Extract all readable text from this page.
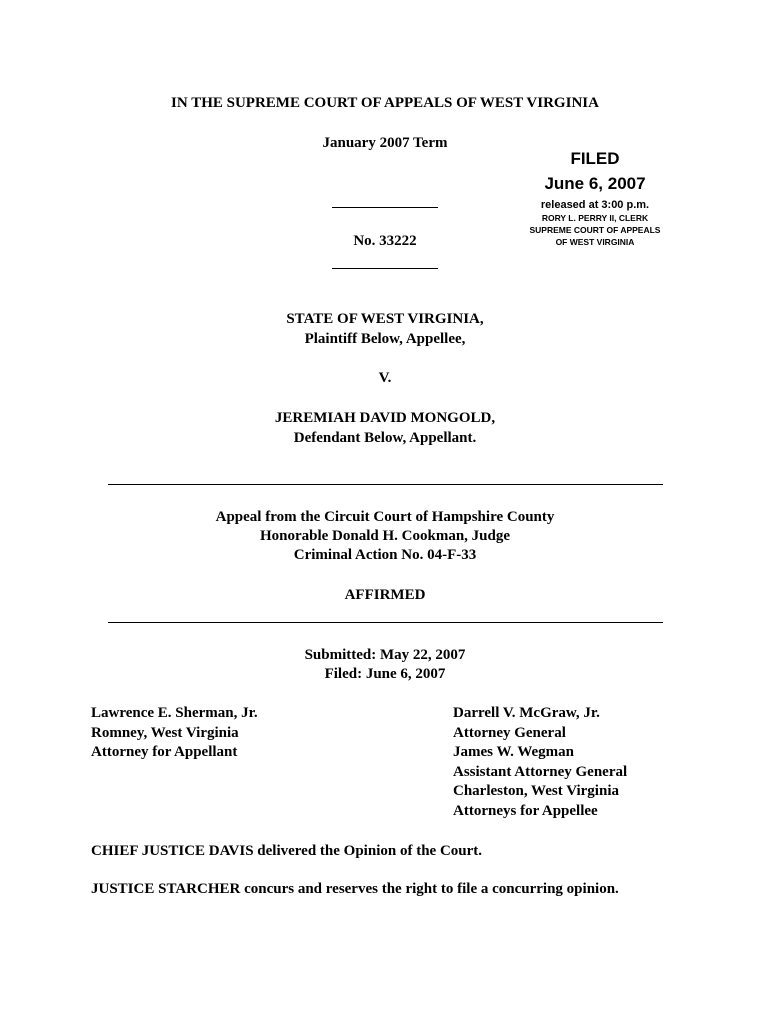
IN THE SUPREME COURT OF APPEALS OF WEST VIRGINIA
January 2007 Term
FILED
June 6, 2007
released at 3:00 p.m.
RORY L. PERRY II, CLERK
SUPREME COURT OF APPEALS
OF WEST VIRGINIA
No. 33222
STATE OF WEST VIRGINIA,
Plaintiff Below, Appellee,
V.
JEREMIAH DAVID MONGOLD,
Defendant Below, Appellant.
Appeal from the Circuit Court of Hampshire County
Honorable Donald H. Cookman, Judge
Criminal Action No. 04-F-33
AFFIRMED
Submitted: May 22, 2007
Filed: June 6, 2007
Lawrence E. Sherman, Jr.
Romney, West Virginia
Attorney for Appellant
Darrell V. McGraw, Jr.
Attorney General
James W. Wegman
Assistant Attorney General
Charleston, West Virginia
Attorneys for Appellee
CHIEF JUSTICE DAVIS delivered the Opinion of the Court.
JUSTICE STARCHER concurs and reserves the right to file a concurring opinion.
